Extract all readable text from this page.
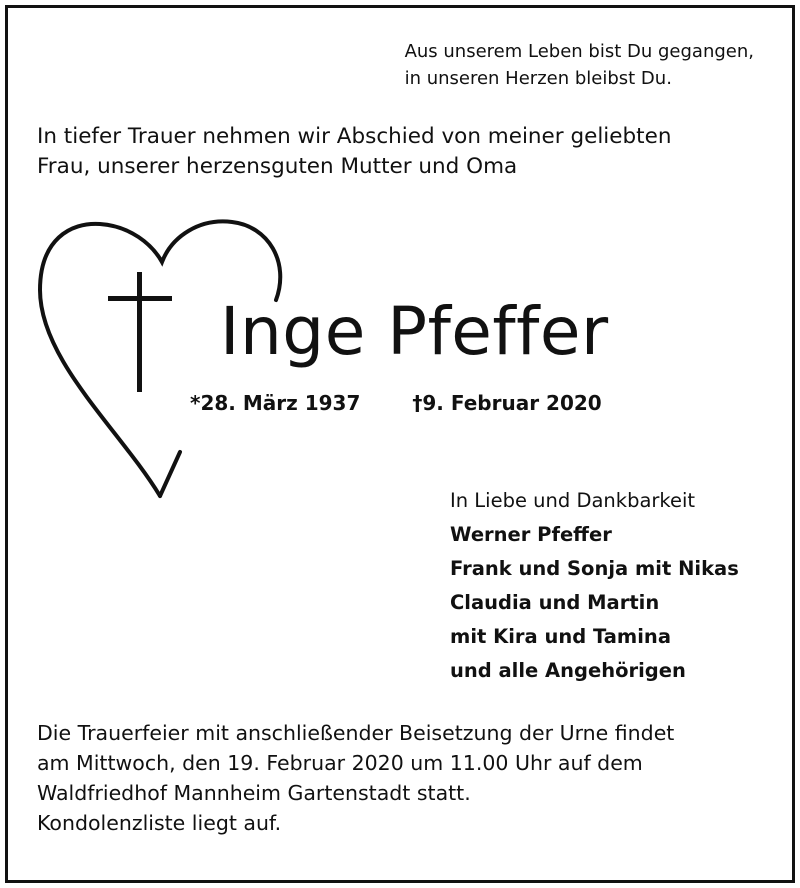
Aus unserem Leben bist Du gegangen,
in unseren Herzen bleibst Du.
In tiefer Trauer nehmen wir Abschied von meiner geliebten
Frau, unserer herzensguten Mutter und Oma
Inge Pfeffer
*28. März 1937	†9. Februar 2020
In Liebe und Dankbarkeit
Werner Pfeffer
Frank und Sonja mit Nikas
Claudia und Martin
mit Kira und Tamina
und alle Angehörigen
Die Trauerfeier mit anschließender Beisetzung der Urne findet
am Mittwoch, den 19. Februar 2020 um 11.00 Uhr auf dem
Waldfriedhof Mannheim Gartenstadt statt.
Kondolenzliste liegt auf.
